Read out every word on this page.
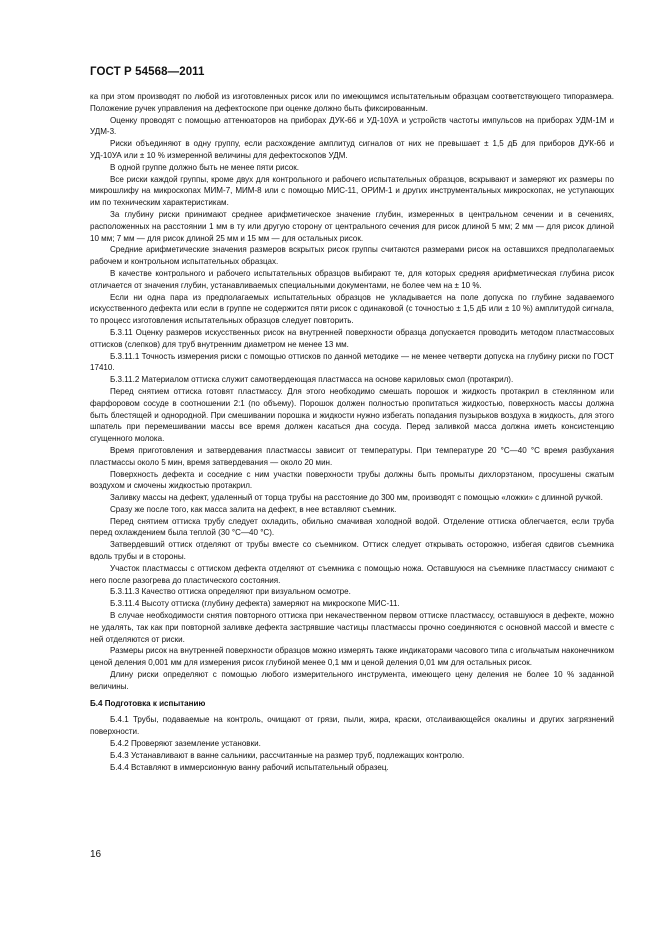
ГОСТ Р 54568—2011

ка при этом производят по любой из изготовленных рисок или по имеющимся испытательным образцам соответствующего типоразмера. Положение ручек управления на дефектоскопе при оценке должно быть фиксированным.

Оценку проводят с помощью аттенюаторов на приборах ДУК-66 и УД-10УА и устройств частоты импульсов на приборах УДМ-1М и УДМ-3.

Риски объединяют в одну группу, если расхождение амплитуд сигналов от них не превышает ± 1,5 дБ для приборов ДУК-66 и УД-10УА или ± 10 % измеренной величины для дефектоскопов УДМ.

В одной группе должно быть не менее пяти рисок.

Все риски каждой группы, кроме двух для контрольного и рабочего испытательных образцов, вскрывают и замеряют их размеры по микрошлифу на микроскопах МИМ-7, МИМ-8 или с помощью МИС-11, ОРИМ-1 и других инструментальных микроскопах, не уступающих им по техническим характеристикам.

За глубину риски принимают среднее арифметическое значение глубин, измеренных в центральном сечении и в сечениях, расположенных на расстоянии 1 мм в ту или другую сторону от центрального сечения для рисок длиной 5 мм; 2 мм — для рисок длиной 10 мм; 7 мм — для рисок длиной 25 мм и 15 мм — для остальных рисок.

Средние арифметические значения размеров вскрытых рисок группы считаются размерами рисок на оставшихся предполагаемых рабочем и контрольном испытательных образцах.

В качестве контрольного и рабочего испытательных образцов выбирают те, для которых средняя арифметическая глубина рисок отличается от значения глубин, устанавливаемых специальными документами, не более чем на ± 10 %.

Если ни одна пара из предполагаемых испытательных образцов не укладывается на поле допуска по глубине задаваемого искусственного дефекта или если в группе не содержится пяти рисок с одинаковой (с точностью ± 1,5 дБ или ± 10 %) амплитудой сигнала, то процесс изготовления испытательных образцов следует повторить.

Б.3.11 Оценку размеров искусственных рисок на внутренней поверхности образца допускается проводить методом пластмассовых оттисков (слепков) для труб внутренним диаметром не менее 13 мм.

Б.3.11.1 Точность измерения риски с помощью оттисков по данной методике — не менее четверти допуска на глубину риски по ГОСТ 17410.

Б.3.11.2 Материалом оттиска служит самотвердеющая пластмасса на основе кариловых смол (протакрил).

Перед снятием оттиска готовят пластмассу. Для этого необходимо смешать порошок и жидкость протакрил в стеклянном или фарфоровом сосуде в соотношении 2:1 (по объему). Порошок должен полностью пропитаться жидкостью, поверхность массы должна быть блестящей и однородной. При смешивании порошка и жидкости нужно избегать попадания пузырьков воздуха в жидкость, для этого шпатель при перемешивании массы все время должен касаться дна сосуда. Перед заливкой масса должна иметь консистенцию сгущенного молока.

Время приготовления и затвердевания пластмассы зависит от температуры. При температуре 20 °С—40 °С время разбухания пластмассы около 5 мин, время затвердевания — около 20 мин.

Поверхность дефекта и соседние с ним участки поверхности трубы должны быть промыты дихлорэтаном, просушены сжатым воздухом и смочены жидкостью протакрил.

Заливку массы на дефект, удаленный от торца трубы на расстояние до 300 мм, производят с помощью «ложки» с длинной ручкой.

Сразу же после того, как масса залита на дефект, в нее вставляют съемник.

Перед снятием оттиска трубу следует охладить, обильно смачивая холодной водой. Отделение оттиска облегчается, если труба перед охлаждением была теплой (30 °С—40 °С).

Затвердевший оттиск отделяют от трубы вместе со съемником. Оттиск следует открывать осторожно, избегая сдвигов съемника вдоль трубы и в стороны.

Участок пластмассы с оттиском дефекта отделяют от съемника с помощью ножа. Оставшуюся на съемнике пластмассу снимают с него после разогрева до пластического состояния.

Б.3.11.3 Качество оттиска определяют при визуальном осмотре.

Б.3.11.4 Высоту оттиска (глубину дефекта) замеряют на микроскопе МИС-11.

В случае необходимости снятия повторного оттиска при некачественном первом оттиске пластмассу, оставшуюся в дефекте, можно не удалять, так как при повторной заливке дефекта застрявшие частицы пластмассы прочно соединяются с основной массой и вместе с ней отделяются от риски.

Размеры рисок на внутренней поверхности образцов можно измерять также индикаторами часового типа с игольчатым наконечником ценой деления 0,001 мм для измерения рисок глубиной менее 0,1 мм и ценой деления 0,01 мм для остальных рисок.

Длину риски определяют с помощью любого измерительного инструмента, имеющего цену деления не более 10 % заданной величины.

Б.4 Подготовка к испытанию

Б.4.1 Трубы, подаваемые на контроль, очищают от грязи, пыли, жира, краски, отслаивающейся окалины и других загрязнений поверхности.

Б.4.2 Проверяют заземление установки.

Б.4.3 Устанавливают в ванне сальники, рассчитанные на размер труб, подлежащих контролю.

Б.4.4 Вставляют в иммерсионную ванну рабочий испытательный образец.

16
